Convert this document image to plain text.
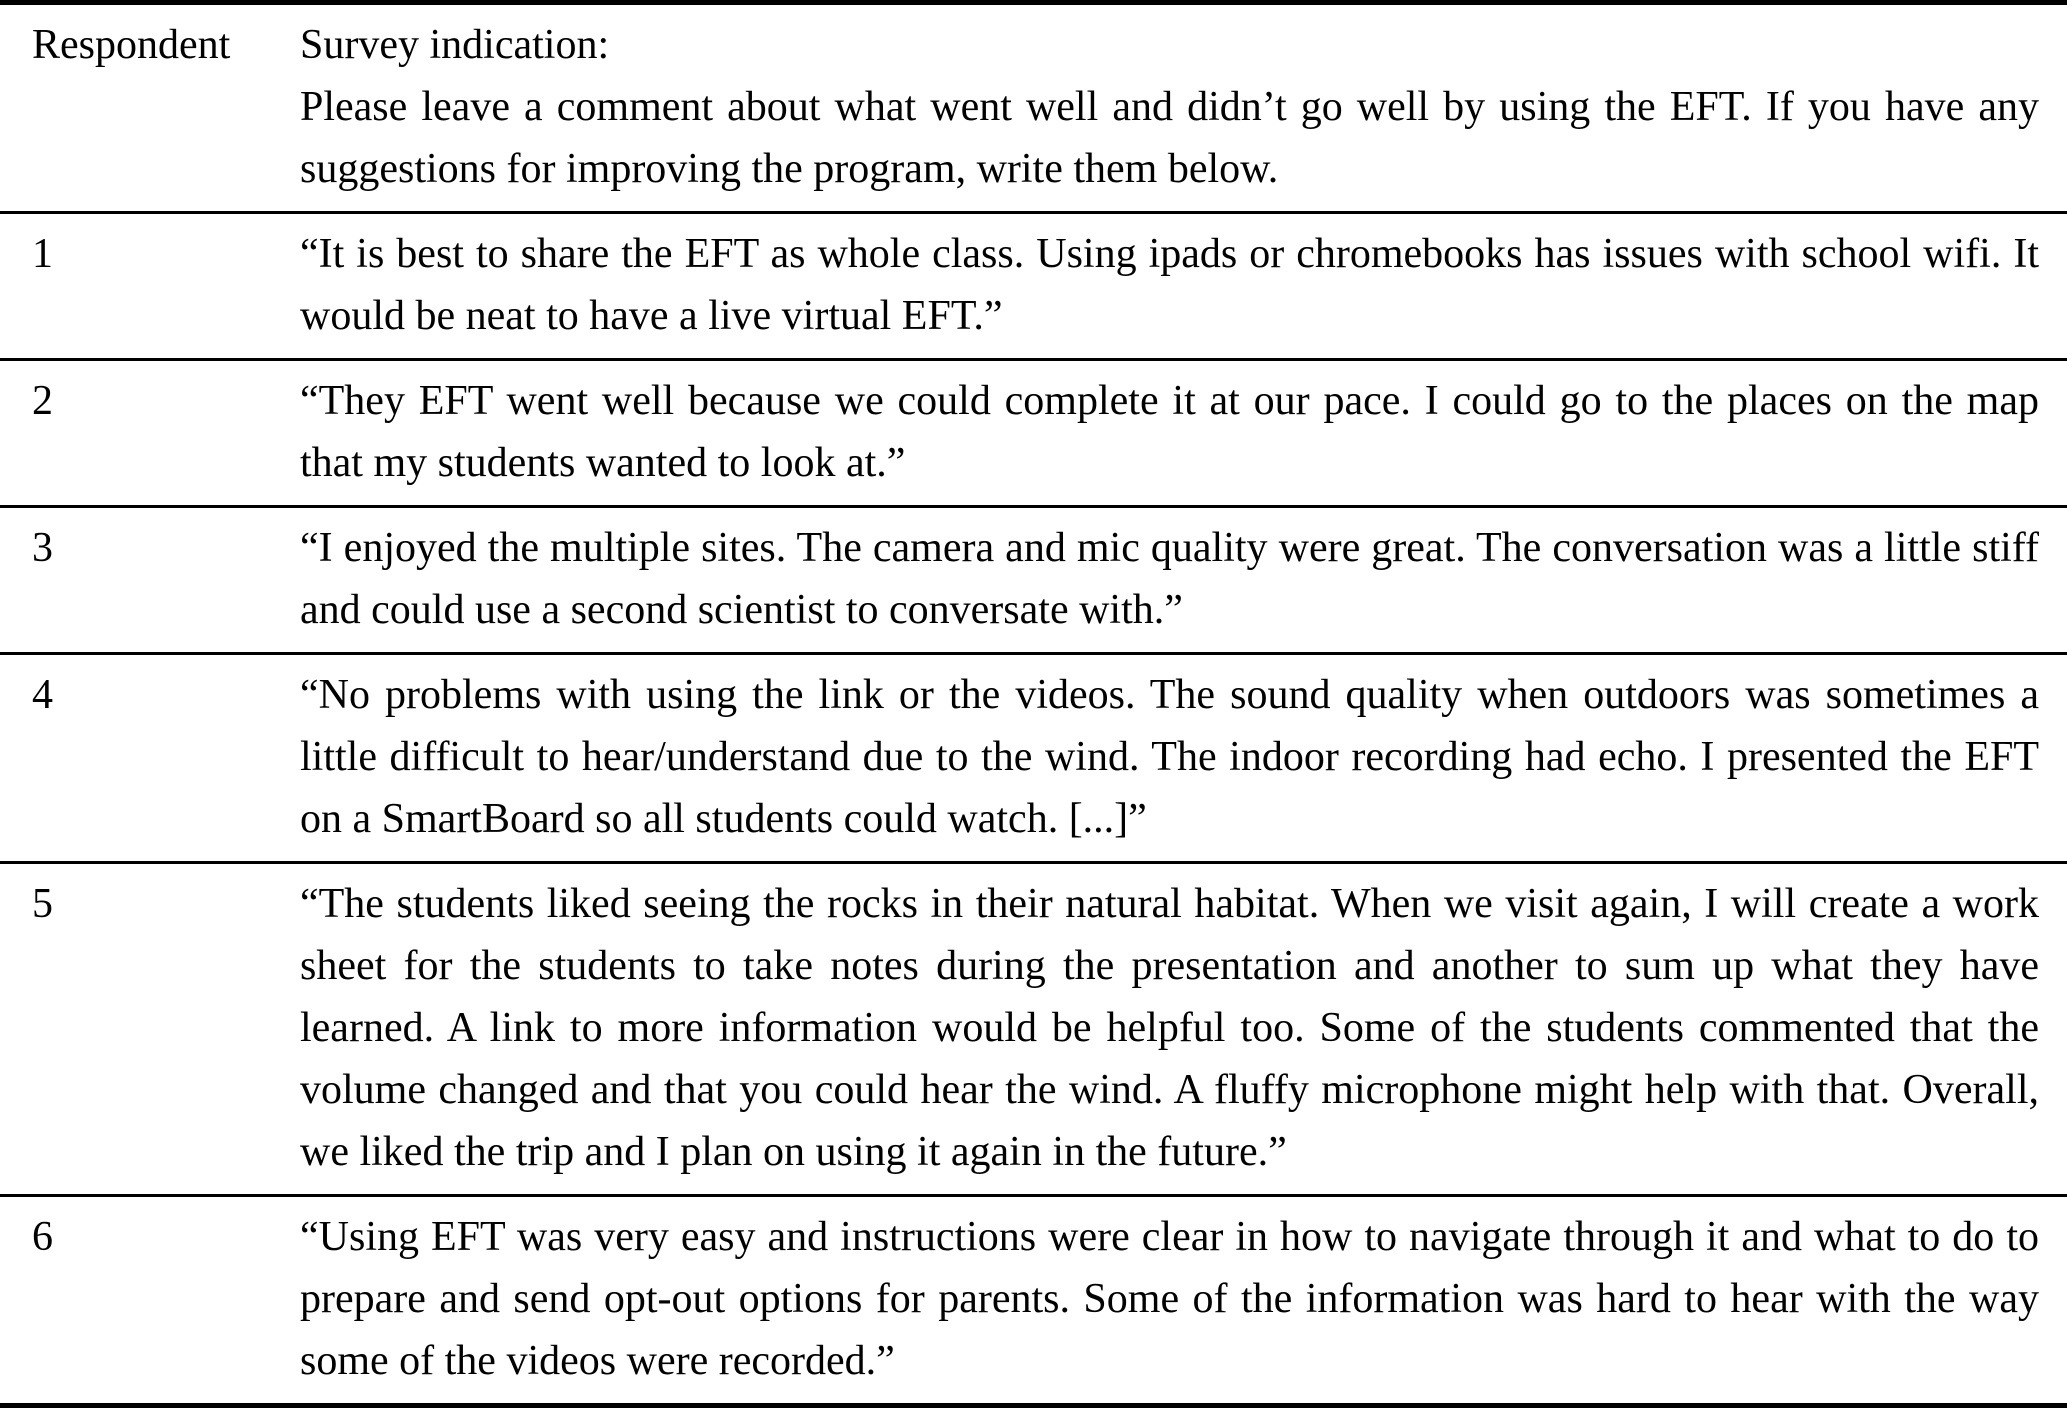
Respondent	Survey indication:
Please leave a comment about what went well and didn’t go well by using the EFT. If you have any suggestions for improving the program, write them below.

1	“It is best to share the EFT as whole class. Using ipads or chromebooks has issues with school wifi. It would be neat to have a live virtual EFT.”
2	“They EFT went well because we could complete it at our pace. I could go to the places on the map that my students wanted to look at.”
3	“I enjoyed the multiple sites. The camera and mic quality were great. The conversation was a little stiff and could use a second scientist to conversate with.”
4	“No problems with using the link or the videos. The sound quality when outdoors was sometimes a little difficult to hear/understand due to the wind. The indoor recording had echo. I presented the EFT on a SmartBoard so all students could watch. [...]”
5	“The students liked seeing the rocks in their natural habitat. When we visit again, I will create a work sheet for the students to take notes during the presentation and another to sum up what they have learned. A link to more information would be helpful too. Some of the students commented that the volume changed and that you could hear the wind. A fluffy microphone might help with that. Overall, we liked the trip and I plan on using it again in the future.”
6	“Using EFT was very easy and instructions were clear in how to navigate through it and what to do to prepare and send opt-out options for parents. Some of the information was hard to hear with the way some of the videos were recorded.”
